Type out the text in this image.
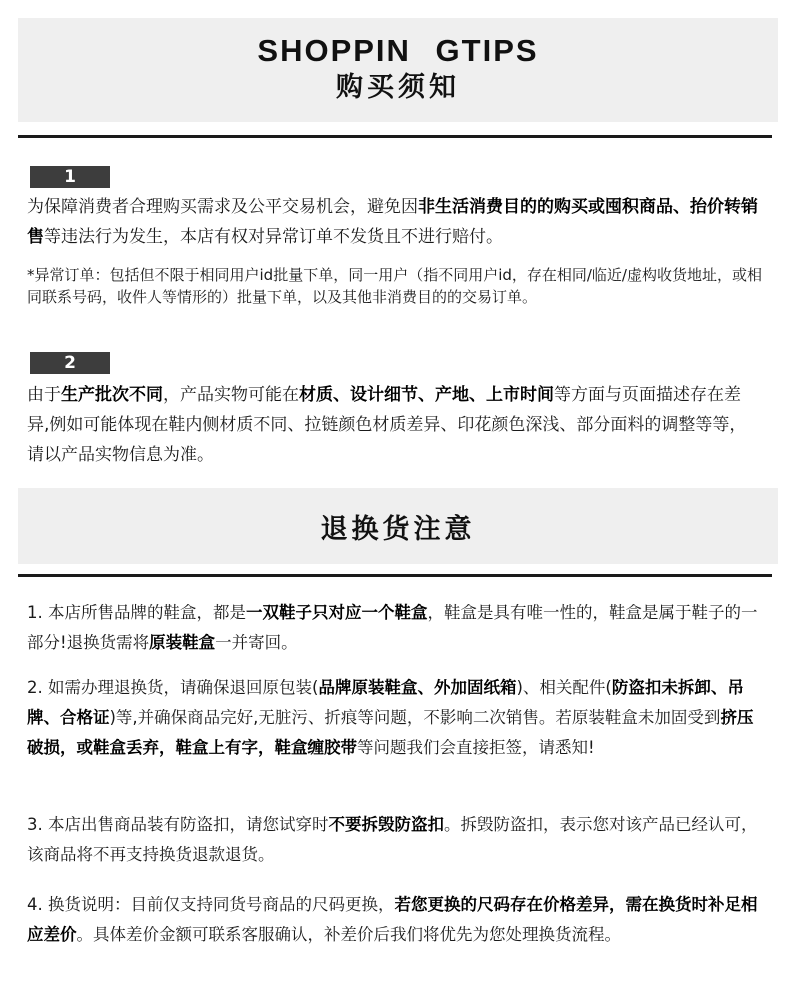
SHOPPIN GTIPS
购买须知
1
为保障消费者合理购买需求及公平交易机会，避免因非生活消费目的的购买或囤积商品、抬价转销售等违法行为发生，本店有权对异常订单不发货且不进行赔付。
*异常订单：包括但不限于相同用户id批量下单，同一用户（指不同用户id，存在相同/临近/虚构收货地址，或相同联系号码，收件人等情形的）批量下单，以及其他非消费目的的交易订单。
2
由于生产批次不同，产品实物可能在材质、设计细节、产地、上市时间等方面与页面描述存在差异,例如可能体现在鞋内侧材质不同、拉链颜色材质差异、印花颜色深浅、部分面料的调整等等，请以产品实物信息为准。
退换货注意
1. 本店所售品牌的鞋盒，都是一双鞋子只对应一个鞋盒，鞋盒是具有唯一性的，鞋盒是属于鞋子的一部分!退换货需将原装鞋盒一并寄回。
2. 如需办理退换货，请确保退回原包装(品牌原装鞋盒、外加固纸箱)、相关配件(防盗扣未拆卸、吊牌、合格证)等,并确保商品完好,无脏污、折痕等问题，不影响二次销售。若原装鞋盒未加固受到挤压破损，或鞋盒丢弃，鞋盒上有字，鞋盒缠胶带等问题我们会直接拒签，请悉知!
3. 本店出售商品装有防盗扣，请您试穿时不要拆毁防盗扣。拆毁防盗扣，表示您对该产品已经认可，该商品将不再支持换货退款退货。
4. 换货说明：目前仅支持同货号商品的尺码更换，若您更换的尺码存在价格差异，需在换货时补足相应差价。具体差价金额可联系客服确认，补差价后我们将优先为您处理换货流程。
